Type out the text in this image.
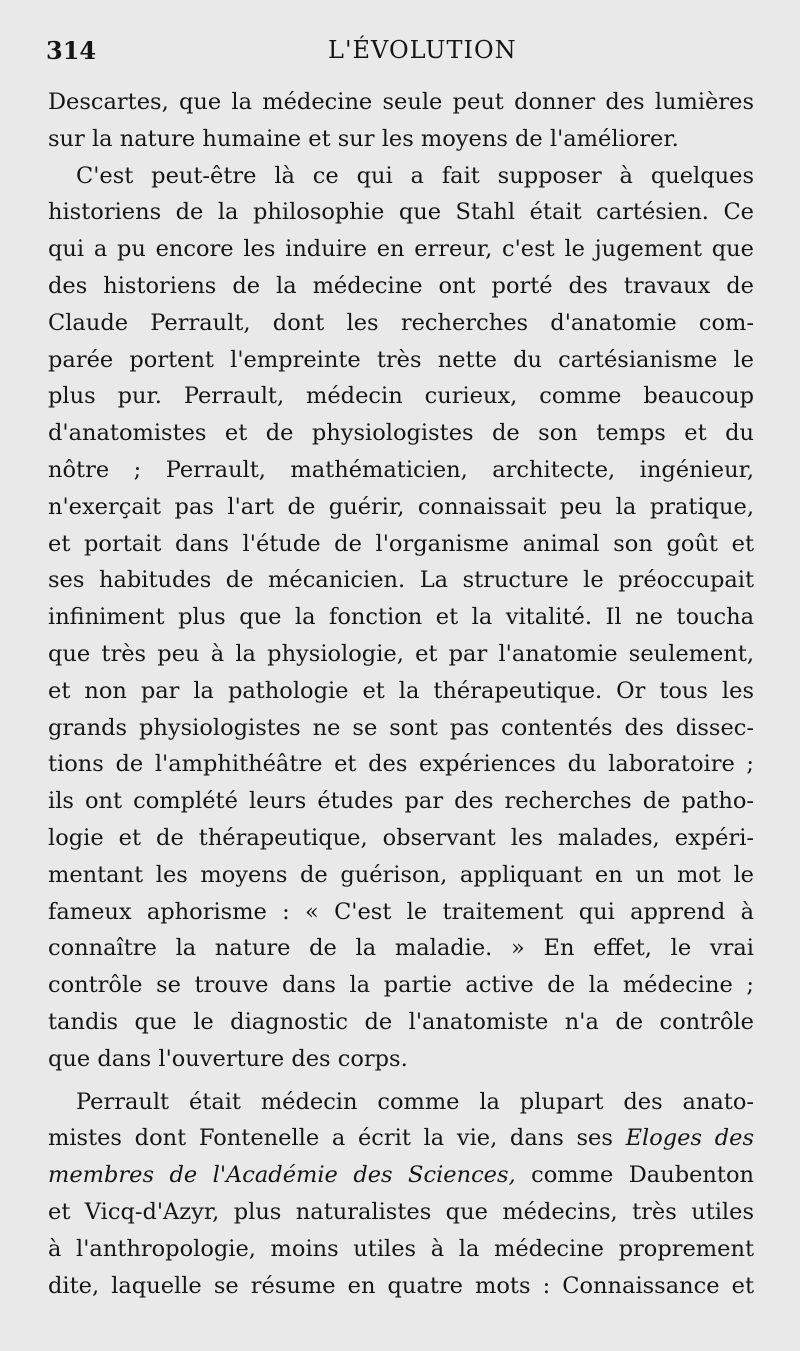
314	L'ÉVOLUTION
Descartes, que la médecine seule peut donner des lumières
sur la nature humaine et sur les moyens de l'améliorer.
C'est peut-être là ce qui a fait supposer à quelques
historiens de la philosophie que Stahl était cartésien. Ce
qui a pu encore les induire en erreur, c'est le jugement que
des historiens de la médecine ont porté des travaux de
Claude Perrault, dont les recherches d'anatomie com-
parée portent l'empreinte très nette du cartésianisme le
plus pur. Perrault, médecin curieux, comme beaucoup
d'anatomistes et de physiologistes de son temps et du
nôtre ; Perrault, mathématicien, architecte, ingénieur,
n'exerçait pas l'art de guérir, connaissait peu la pratique,
et portait dans l'étude de l'organisme animal son goût et
ses habitudes de mécanicien. La structure le préoccupait
infiniment plus que la fonction et la vitalité. Il ne toucha
que très peu à la physiologie, et par l'anatomie seulement,
et non par la pathologie et la thérapeutique. Or tous les
grands physiologistes ne se sont pas contentés des dissec-
tions de l'amphithéâtre et des expériences du laboratoire ;
ils ont complété leurs études par des recherches de patho-
logie et de thérapeutique, observant les malades, expéri-
mentant les moyens de guérison, appliquant en un mot le
fameux aphorisme : « C'est le traitement qui apprend à
connaître la nature de la maladie. » En effet, le vrai
contrôle se trouve dans la partie active de la médecine ;
tandis que le diagnostic de l'anatomiste n'a de contrôle
que dans l'ouverture des corps.
Perrault était médecin comme la plupart des anato-
mistes dont Fontenelle a écrit la vie, dans ses Eloges des
membres de l'Académie des Sciences, comme Daubenton
et Vicq-d'Azyr, plus naturalistes que médecins, très utiles
à l'anthropologie, moins utiles à la médecine proprement
dite, laquelle se résume en quatre mots : Connaissance et
